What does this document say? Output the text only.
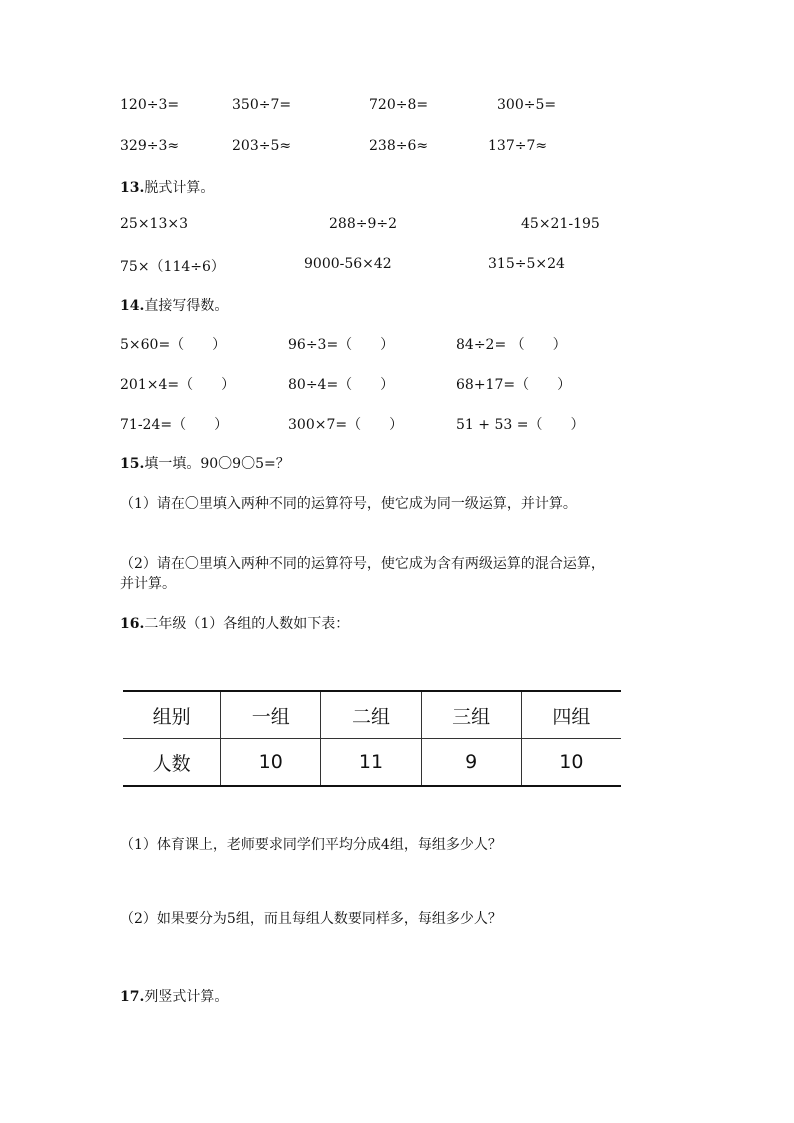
120÷3=	350÷7=	720÷8=	300÷5=
329÷3≈	203÷5≈	238÷6≈	137÷7≈
13.脱式计算。
25×13×3	288÷9÷2	45×21-195
75×（114÷6）	9000-56×42	315÷5×24
14.直接写得数。
5×60=（　　）	96÷3=（　　）	84÷2= （　　）
201×4=（　　）	80÷4=（　　）	68+17=（　　）
71-24=（　　）	300×7=（　　）	51 + 53 =（　　）
15.填一填。90〇9〇5=？
（1）请在〇里填入两种不同的运算符号，使它成为同一级运算，并计算。
（2）请在〇里填入两种不同的运算符号，使它成为含有两级运算的混合运算，
并计算。
16.二年级（1）各组的人数如下表：
组别	一组	二组	三组	四组
人数	10	11	9	10
（1）体育课上，老师要求同学们平均分成4组，每组多少人？
（2）如果要分为5组，而且每组人数要同样多，每组多少人？
17.列竖式计算。
